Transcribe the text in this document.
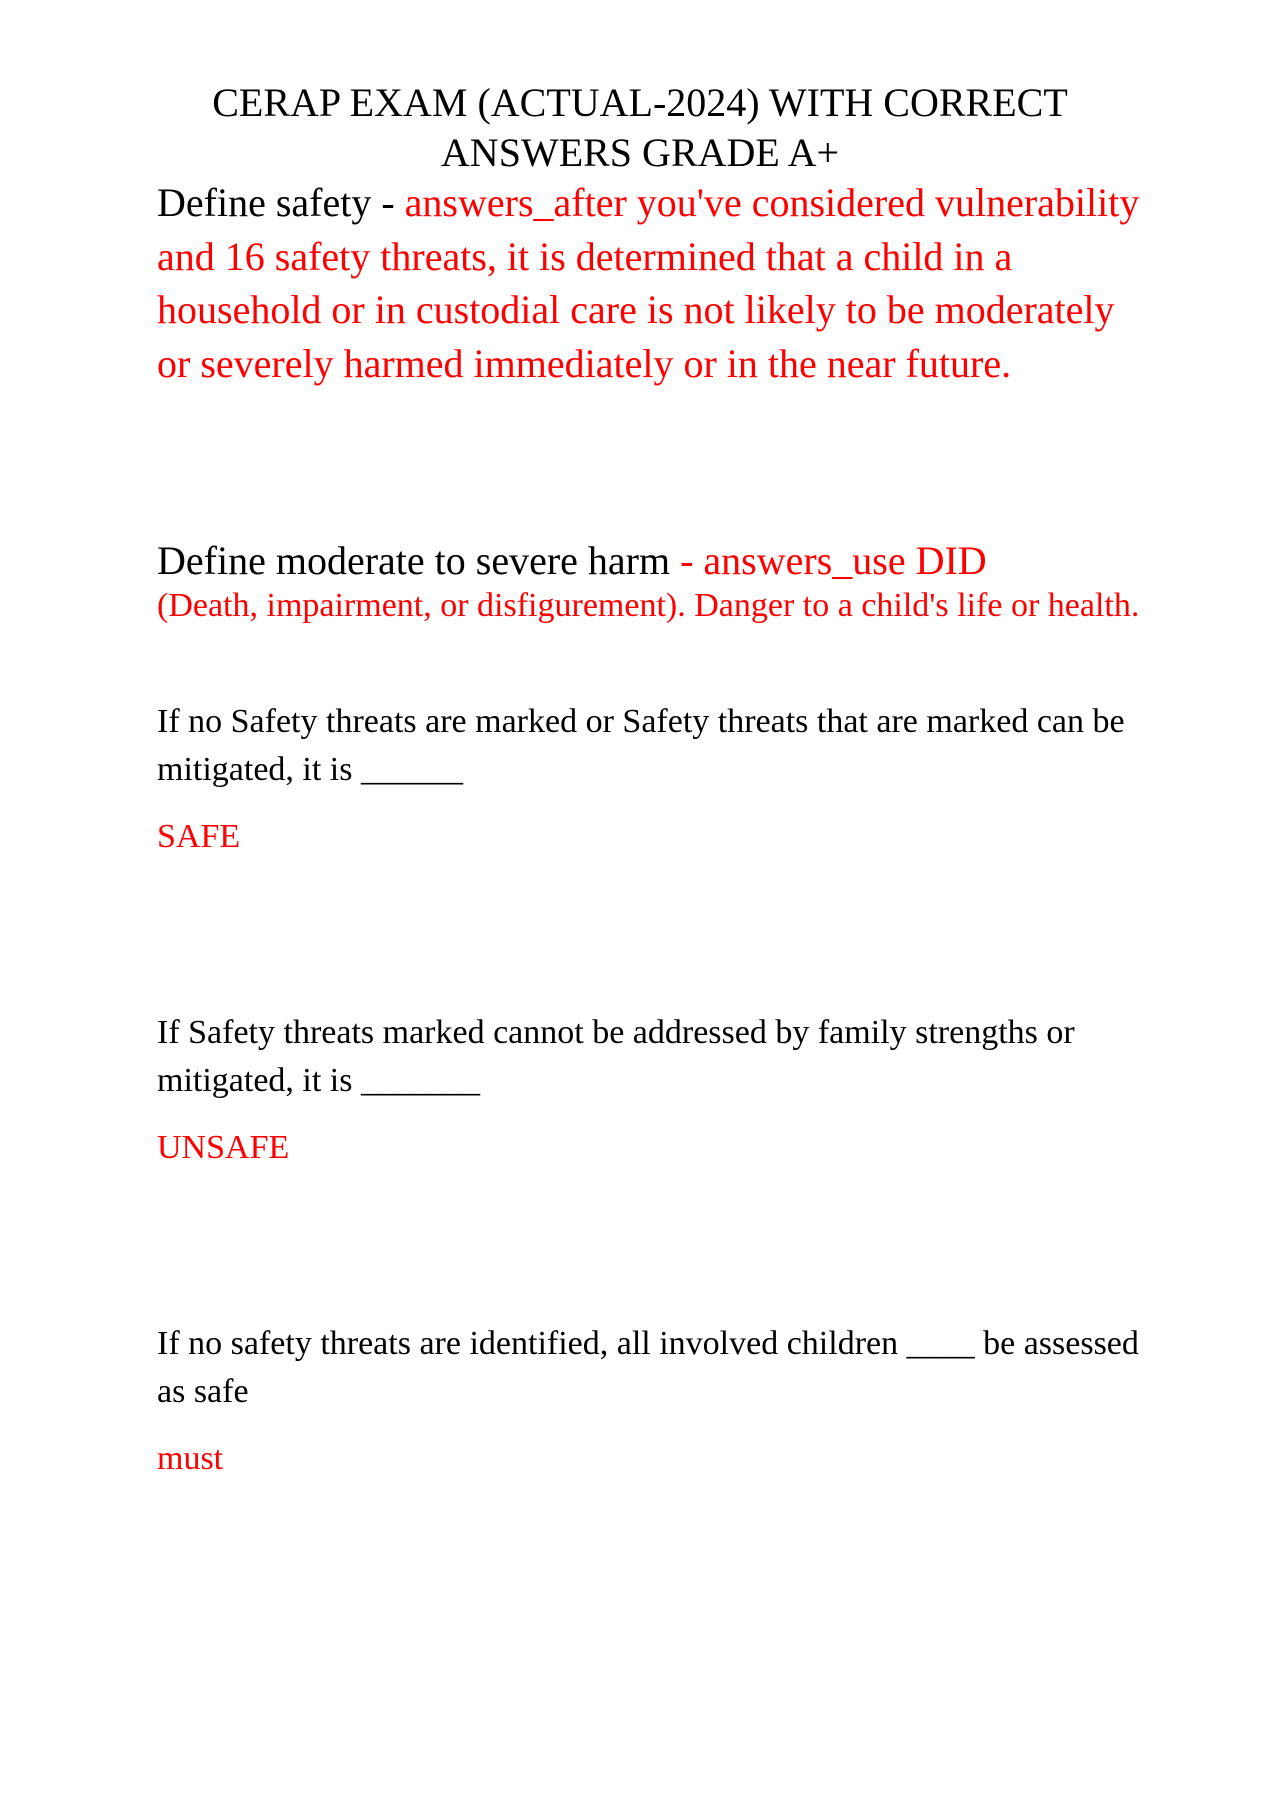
CERAP EXAM (ACTUAL-2024) WITH CORRECT
ANSWERS GRADE A+
Define safety - answers_after you've considered vulnerability and 16 safety threats, it is determined that a child in a household or in custodial care is not likely to be moderately or severely harmed immediately or in the near future.
Define moderate to severe harm - answers_use DID
(Death, impairment, or disfigurement). Danger to a child's life or health.
If no Safety threats are marked or Safety threats that are marked can be mitigated, it is ______
SAFE
If Safety threats marked cannot be addressed by family strengths or mitigated, it is _______
UNSAFE
If no safety threats are identified, all involved children ____ be assessed as safe
must
